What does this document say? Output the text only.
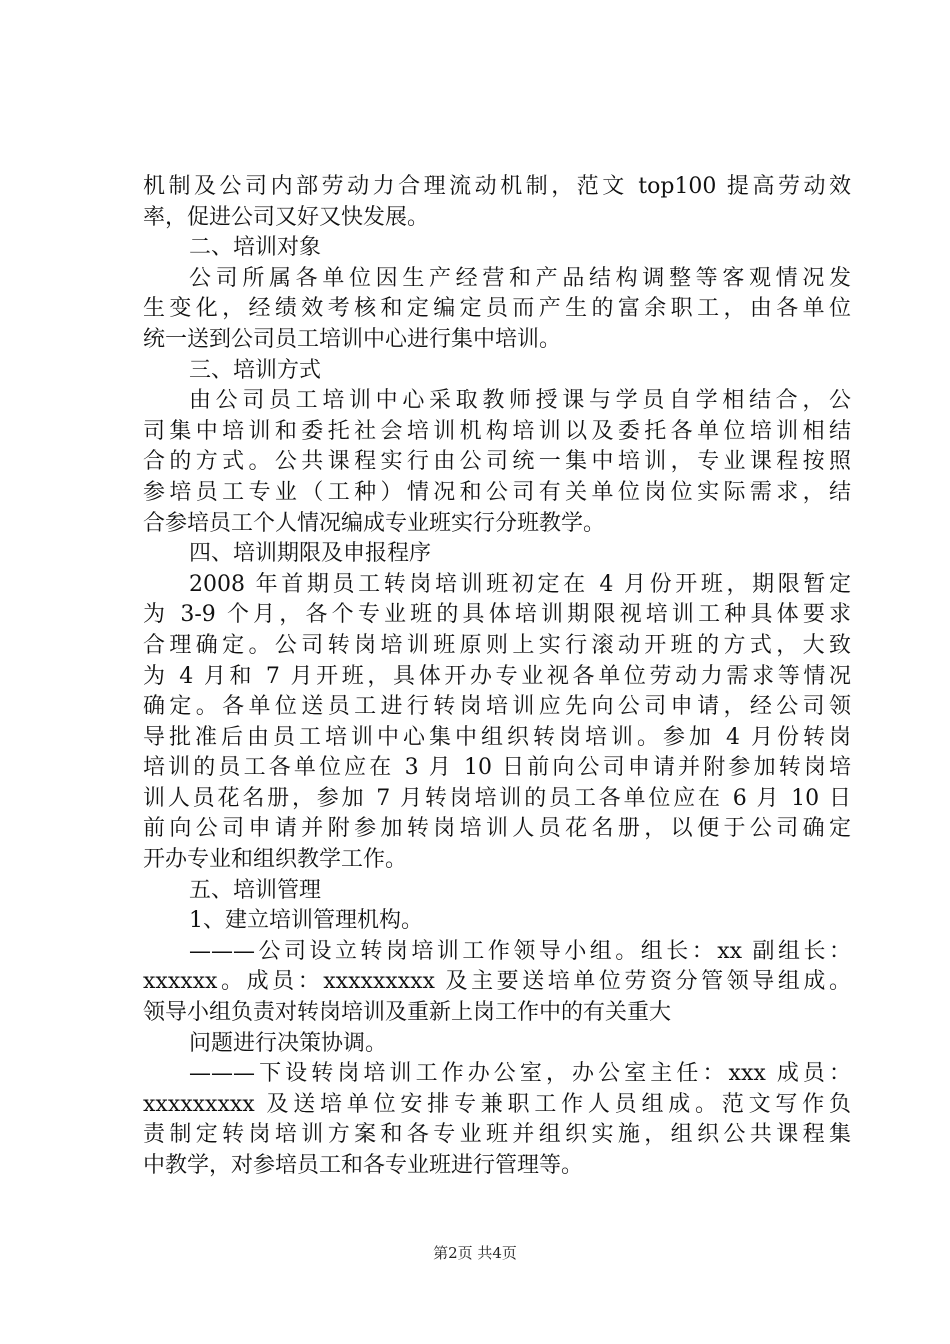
机制及公司内部劳动力合理流动机制，范文 top100 提高劳动效
率，促进公司又好又快发展。
二、培训对象
公司所属各单位因生产经营和产品结构调整等客观情况发
生变化，经绩效考核和定编定员而产生的富余职工，由各单位
统一送到公司员工培训中心进行集中培训。
三、培训方式
由公司员工培训中心采取教师授课与学员自学相结合，公
司集中培训和委托社会培训机构培训以及委托各单位培训相结
合的方式。公共课程实行由公司统一集中培训，专业课程按照
参培员工专业（工种）情况和公司有关单位岗位实际需求，结
合参培员工个人情况编成专业班实行分班教学。
四、培训期限及申报程序
2008 年首期员工转岗培训班初定在 4 月份开班，期限暂定
为 3-9 个月，各个专业班的具体培训期限视培训工种具体要求
合理确定。公司转岗培训班原则上实行滚动开班的方式，大致
为 4 月和 7 月开班，具体开办专业视各单位劳动力需求等情况
确定。各单位送员工进行转岗培训应先向公司申请，经公司领
导批准后由员工培训中心集中组织转岗培训。参加 4 月份转岗
培训的员工各单位应在 3 月 10 日前向公司申请并附参加转岗培
训人员花名册，参加 7 月转岗培训的员工各单位应在 6 月 10 日
前向公司申请并附参加转岗培训人员花名册，以便于公司确定
开办专业和组织教学工作。
五、培训管理
1、建立培训管理机构。
———公司设立转岗培训工作领导小组。组长：xx 副组长：
xxxxxx。成员：xxxxxxxxx 及主要送培单位劳资分管领导组成。
领导小组负责对转岗培训及重新上岗工作中的有关重大
问题进行决策协调。
———下设转岗培训工作办公室，办公室主任：xxx 成员：
xxxxxxxxx 及送培单位安排专兼职工作人员组成。范文写作负
责制定转岗培训方案和各专业班并组织实施，组织公共课程集
中教学，对参培员工和各专业班进行管理等。
第2页 共4页
